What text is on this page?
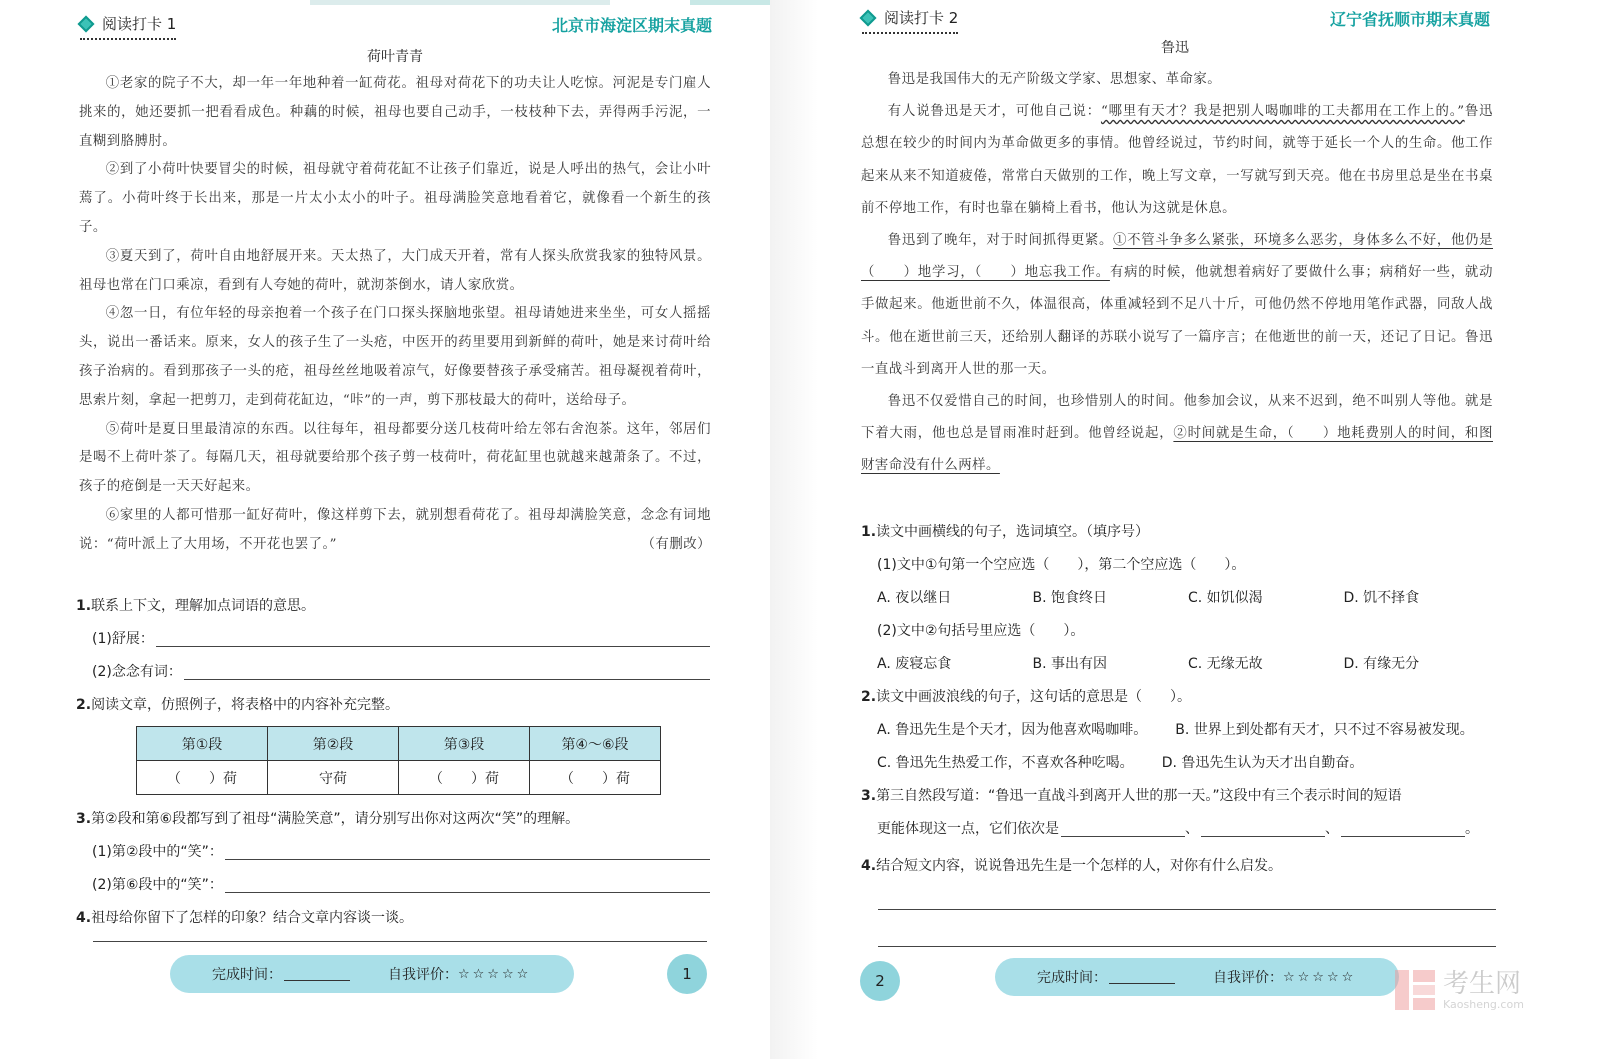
阅读打卡 1	北京市海淀区期末真题
荷叶青青

①老家的院子不大，却一年一年地种着一缸荷花。祖母对荷花下的功夫让人吃惊。河泥是专门雇人挑来的，她还要抓一把看看成色。种藕的时候，祖母也要自己动手，一枝枝种下去，弄得两手污泥，一直糊到胳膊肘。

②到了小荷叶快要冒尖的时候，祖母就守着荷花缸不让孩子们靠近，说是人呼出的热气，会让小叶蔫了。小荷叶终于长出来，那是一片太小太小的叶子。祖母满脸笑意地看着它，就像看一个新生的孩子。

③夏天到了，荷叶自由地舒展开来。天太热了，大门成天开着，常有人探头欣赏我家的独特风景。祖母也常在门口乘凉，看到有人夸她的荷叶，就沏茶倒水，请人家欣赏。

④忽一日，有位年轻的母亲抱着一个孩子在门口探头探脑地张望。祖母请她进来坐坐，可女人摇摇头，说出一番话来。原来，女人的孩子生了一头疮，中医开的药里要用到新鲜的荷叶，她是来讨荷叶给孩子治病的。看到那孩子一头的疮，祖母丝丝地吸着凉气，好像要替孩子承受痛苦。祖母凝视着荷叶，思索片刻，拿起一把剪刀，走到荷花缸边，“咔”的一声，剪下那枝最大的荷叶，送给母子。

⑤荷叶是夏日里最清凉的东西。以往每年，祖母都要分送几枝荷叶给左邻右舍泡茶。这年，邻居们是喝不上荷叶茶了。每隔几天，祖母就要给那个孩子剪一枝荷叶，荷花缸里也就越来越萧条了。不过，孩子的疮倒是一天天好起来。

⑥家里的人都可惜那一缸好荷叶，像这样剪下去，就别想看荷花了。祖母却满脸笑意，念念有词地说：“荷叶派上了大用场，不开花也罢了。”	（有删改）

1.联系上下文，理解加点词语的意思。
(1)舒展：
(2)念念有词：
2.阅读文章，仿照例子，将表格中的内容补充完整。
第①段	第②段	第③段	第④～⑥段
（　　）荷	守荷	（　　）荷	（　　）荷
3.第②段和第⑥段都写到了祖母“满脸笑意”，请分别写出你对这两次“笑”的理解。
(1)第②段中的“笑”：
(2)第⑥段中的“笑”：
4.祖母给你留下了怎样的印象？结合文章内容谈一谈。
完成时间：	自我评价： ☆☆☆☆☆	1
阅读打卡 2	辽宁省抚顺市期末真题
鲁迅

鲁迅是我国伟大的无产阶级文学家、思想家、革命家。

有人说鲁迅是天才，可他自己说：“哪里有天才？我是把别人喝咖啡的工夫都用在工作上的。”鲁迅总想在较少的时间内为革命做更多的事情。他曾经说过，节约时间，就等于延长一个人的生命。他工作起来从来不知道疲倦，常常白天做别的工作，晚上写文章，一写就写到天亮。他在书房里总是坐在书桌前不停地工作，有时也靠在躺椅上看书，他认为这就是休息。

鲁迅到了晚年，对于时间抓得更紧。①不管斗争多么紧张，环境多么恶劣，身体多么不好，他仍是（　　）地学习，（　　）地忘我工作。有病的时候，他就想着病好了要做什么事；病稍好一些，就动手做起来。他逝世前不久，体温很高，体重减轻到不足八十斤，可他仍然不停地用笔作武器，同敌人战斗。他在逝世前三天，还给别人翻译的苏联小说写了一篇序言；在他逝世的前一天，还记了日记。鲁迅一直战斗到离开人世的那一天。

鲁迅不仅爱惜自己的时间，也珍惜别人的时间。他参加会议，从来不迟到，绝不叫别人等他。就是下着大雨，他也总是冒雨准时赶到。他曾经说起，②时间就是生命，（　　）地耗费别人的时间，和图财害命没有什么两样。

1.读文中画横线的句子，选词填空。（填序号）
(1)文中①句第一个空应选（　　），第二个空应选（　　）。
A. 夜以继日	B. 饱食终日	C. 如饥似渴	D. 饥不择食
(2)文中②句括号里应选（　　）。
A. 废寝忘食	B. 事出有因	C. 无缘无故	D. 有缘无分
2.读文中画波浪线的句子，这句话的意思是（　　）。
A. 鲁迅先生是个天才，因为他喜欢喝咖啡。 B. 世界上到处都有天才，只不过不容易被发现。
C. 鲁迅先生热爱工作，不喜欢各种吃喝。 D. 鲁迅先生认为天才出自勤奋。
3.第三自然段写道：“鲁迅一直战斗到离开人世的那一天。”这段中有三个表示时间的短语
更能体现这一点，它们依次是	、	、	。
4.结合短文内容，说说鲁迅先生是一个怎样的人，对你有什么启发。
2	完成时间：	自我评价： ☆☆☆☆☆	考生网
Kaosheng.com
